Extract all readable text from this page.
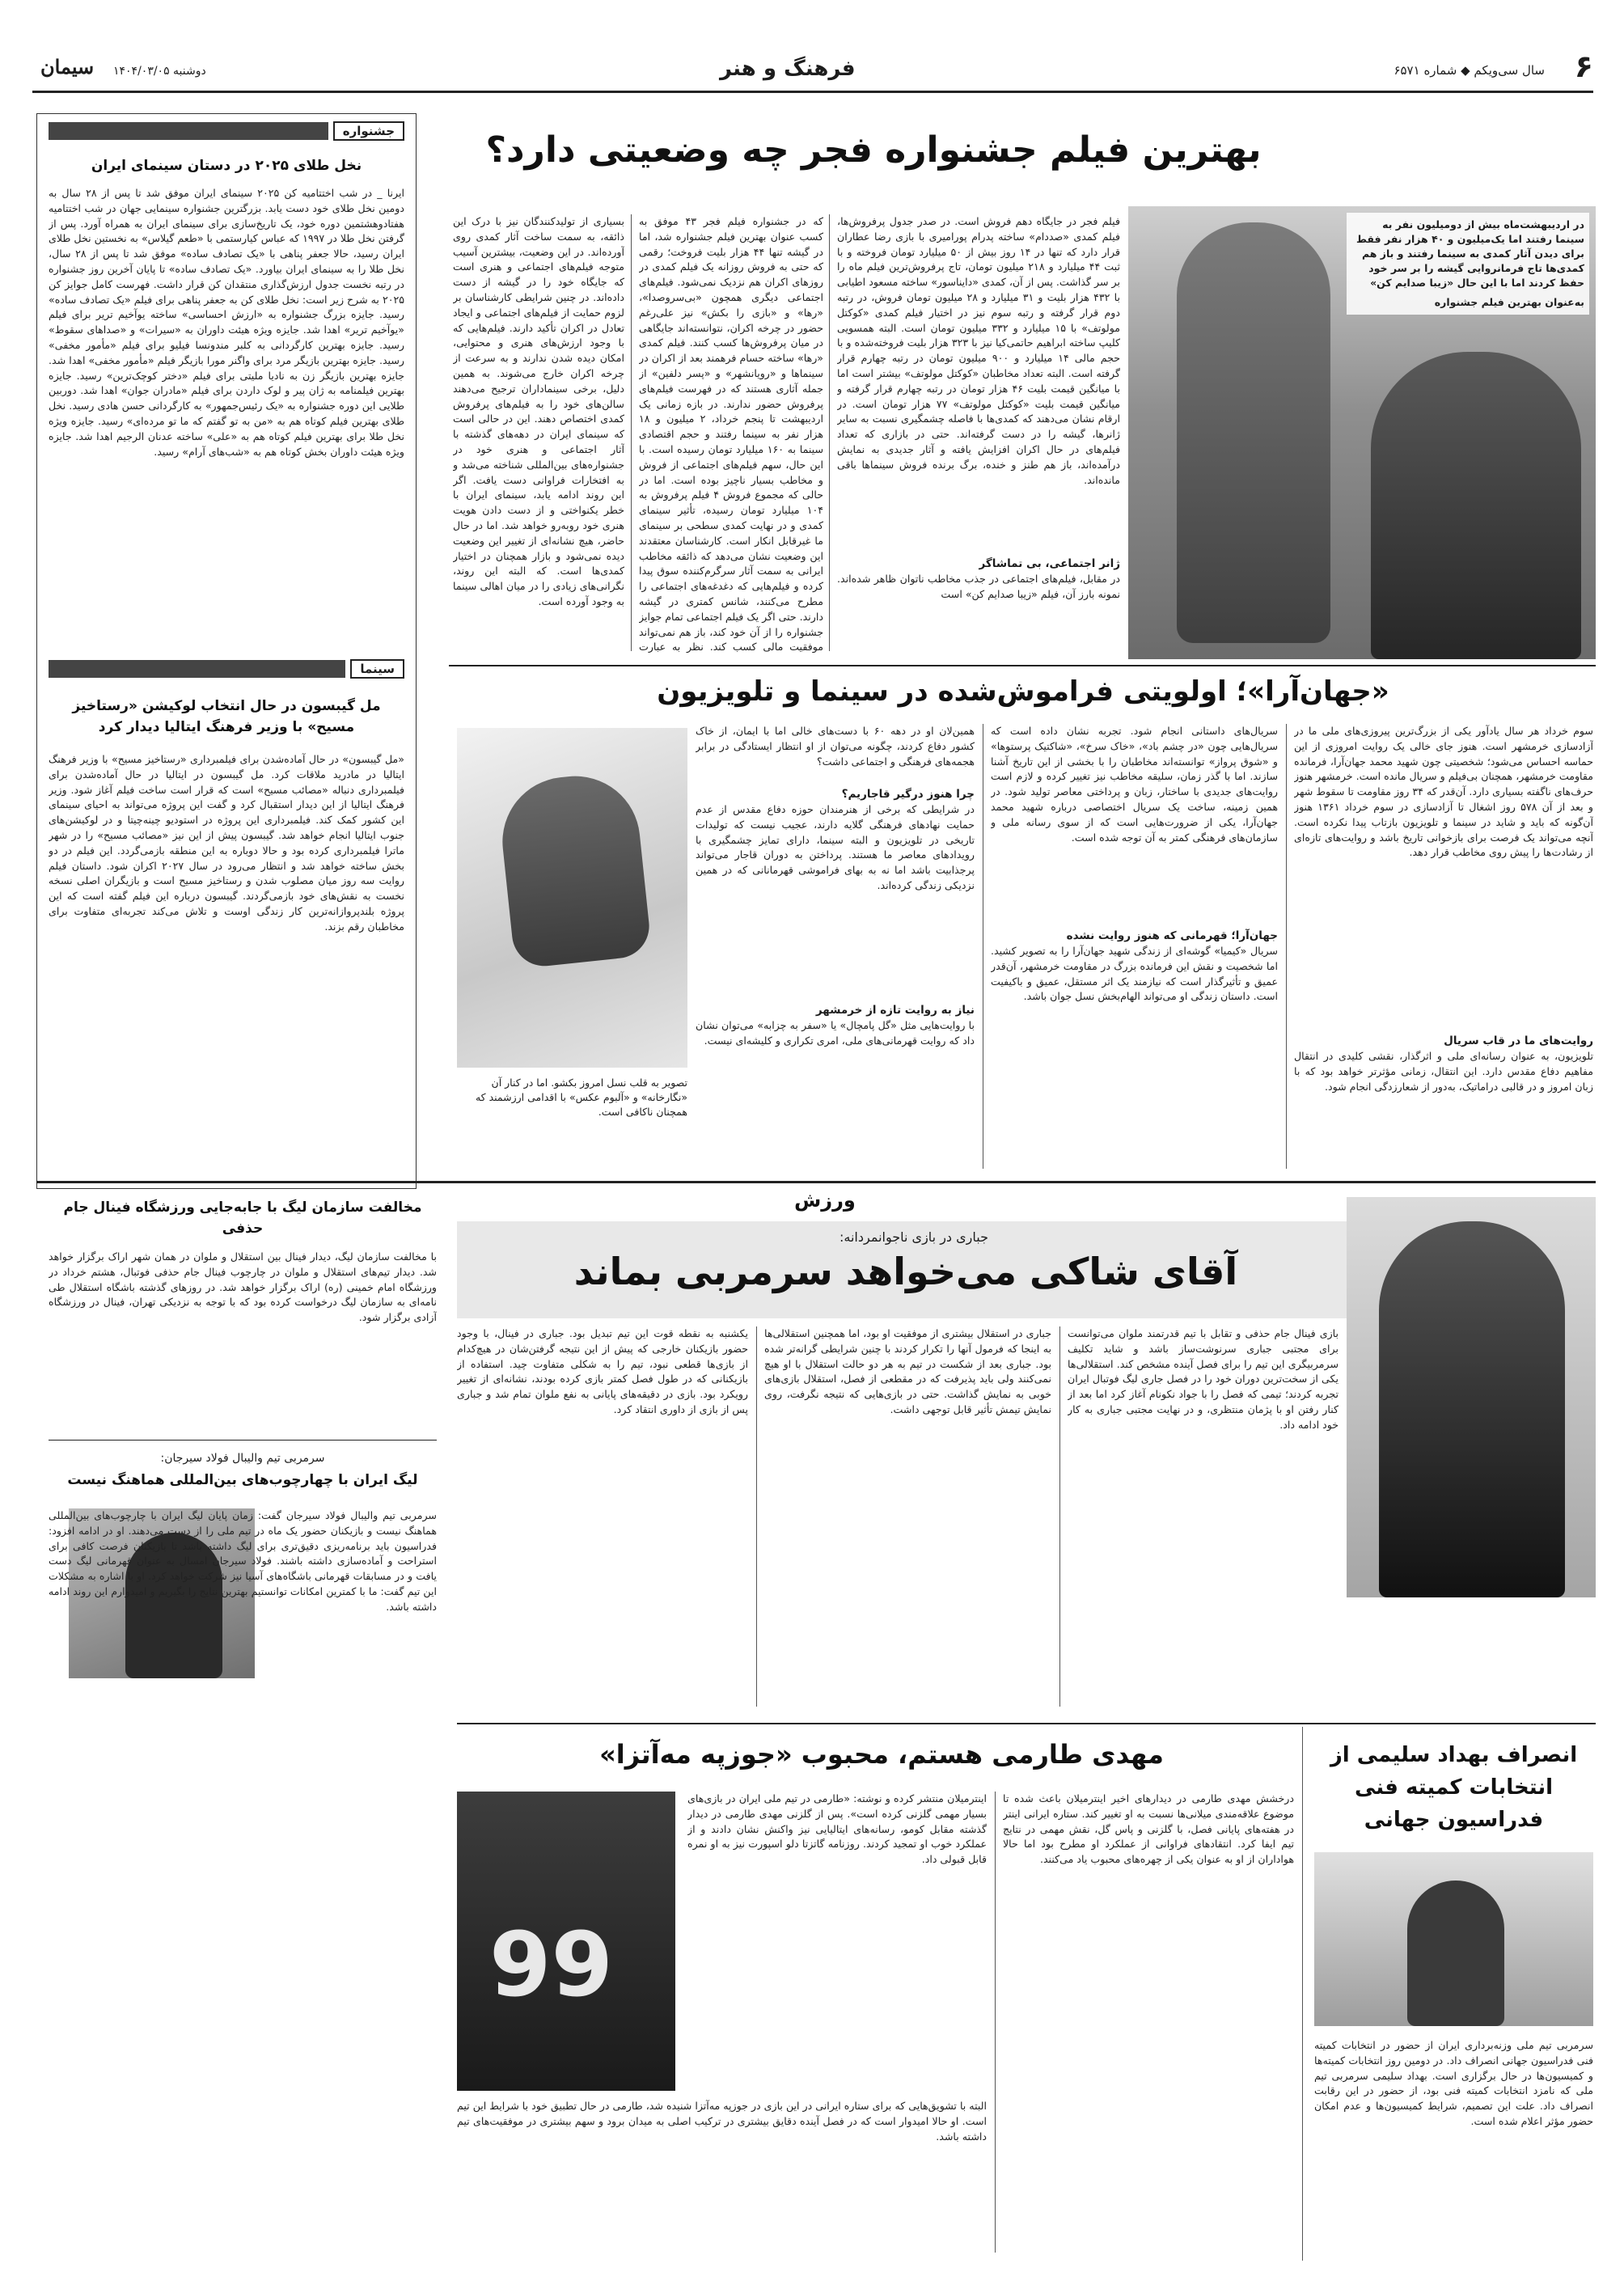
۶
سال سی‌ویکم ◆ شماره ۶۵۷۱
فرهنگ و هنر
دوشنبه ۱۴۰۴/۰۳/۰۵
سیمان
جشنواره
نخل طلای ۲۰۲۵ در دستان سینمای ایران
ایرنا _ در شب اختتامیه کن ۲۰۲۵ سینمای ایران موفق شد تا پس از ۲۸ سال به دومین نخل طلای خود دست یابد. بزرگترین جشنواره سینمایی جهان در شب اختتامیه هفتادوهشتمین دوره خود، یک تاریخ‌سازی برای سینمای ایران به همراه آورد. پس از گرفتن نخل طلا در ۱۹۹۷ که عباس کیارستمی با «طعم گیلاس» به نخستین نخل طلای ایران رسید، حالا جعفر پناهی با «یک تصادف ساده» موفق شد تا پس از ۲۸ سال، نخل طلا را به سینمای ایران بیاورد. «یک تصادف ساده» تا پایان آخرین روز جشنواره در رتبه نخست جدول ارزش‌گذاری منتقدان کن قرار داشت. فهرست کامل جوایز کن ۲۰۲۵ به شرح زیر است: نخل طلای کن به جعفر پناهی برای فیلم «یک تصادف ساده» رسید. جایزه بزرگ جشنواره به «ارزش احساسی» ساخته یوآخیم تریر برای فیلم «یوآخیم تریر» اهدا شد. جایزه ویژه هیئت داوران به «سیرات» و «صداهای سقوط» رسید. جایزه بهترین کارگردانی به کلبر مندونسا فیلیو برای فیلم «مأمور مخفی» رسید. جایزه بهترین بازیگر مرد برای واگنر مورا بازیگر فیلم «مأمور مخفی» اهدا شد. جایزه بهترین بازیگر زن به نادیا ملیتی برای فیلم «دختر کوچک‌ترین» رسید. جایزه بهترین فیلمنامه به ژان پیر و لوک داردن برای فیلم «مادران جوان» اهدا شد. دوربین طلایی این دوره جشنواره به «یک رئیس‌جمهور» به کارگردانی حسن هادی رسید. نخل طلای بهترین فیلم کوتاه هم به «من به تو گفتم که ما تو مرده‌ای» رسید. جایزه ویژه نخل طلا برای بهترین فیلم کوتاه هم به «علی» ساخته عدنان الرجیم اهدا شد. جایزه ویژه هیئت داوران بخش کوتاه هم به «شب‌های آرام» رسید.
سینما
مل گیبسون در حال انتخاب لوکیشن «رستاخیز مسیح» با وزیر فرهنگ ایتالیا دیدار کرد
«مل گیبسون» در حال آماده‌شدن برای فیلمبرداری «رستاخیز مسیح» با وزیر فرهنگ ایتالیا در مادرید ملاقات کرد. مل گیبسون در ایتالیا در حال آماده‌شدن برای فیلمبرداری دنباله «مصائب مسیح» است که قرار است ساخت فیلم آغاز شود. وزیر فرهنگ ایتالیا از این دیدار استقبال کرد و گفت این پروژه می‌تواند به احیای سینمای این کشور کمک کند. فیلمبرداری این پروژه در استودیو چینه‌چیتا و در لوکیشن‌های جنوب ایتالیا انجام خواهد شد. گیبسون پیش از این نیز «مصائب مسیح» را در شهر ماترا فیلمبرداری کرده بود و حالا دوباره به این منطقه بازمی‌گردد. این فیلم در دو بخش ساخته خواهد شد و انتظار می‌رود در سال ۲۰۲۷ اکران شود. داستان فیلم روایت سه روز میان مصلوب شدن و رستاخیز مسیح است و بازیگران اصلی نسخه نخست به نقش‌های خود بازمی‌گردند. گیبسون درباره این فیلم گفته است که این پروژه بلندپروازانه‌ترین کار زندگی اوست و تلاش می‌کند تجربه‌ای متفاوت برای مخاطبان رقم بزند.
بهترین فیلم جشنواره فجر چه وضعیتی دارد؟
در اردیبهشت‌ماه بیش از دومیلیون نفر به سینما رفتند اما یک‌میلیون و ۴۰ هزار نفر فقط برای دیدن آثار کمدی به سینما رفتند و باز هم کمدی‌ها تاج فرمانروایی گیشه را بر سر خود حفظ کردند اما با این حال «زیبا صدایم کن»
به‌عنوان بهترین فیلم جشنواره
فیلم فجر در جایگاه دهم فروش است. در صدر جدول پرفروش‌ها، فیلم کمدی «صددام» ساخته پدرام پورامیری با بازی رضا عطاران قرار دارد که تنها در ۱۴ روز بیش از ۵۰ میلیارد تومان فروخته و با ثبت ۴۴ میلیارد و ۲۱۸ میلیون تومان، تاج پرفروش‌ترین فیلم ماه را بر سر گذاشت. پس از آن، کمدی «دایناسور» ساخته مسعود اطیابی با ۴۳۲ هزار بلیت و ۳۱ میلیارد و ۲۸ میلیون تومان فروش، در رتبه دوم قرار گرفته و رتبه سوم نیز در اختیار فیلم کمدی «کوکتل مولوتف» با ۱۵ میلیارد و ۳۳۲ میلیون تومان است. البته همسویی کلیپ ساخته ابراهیم حاتمی‌کیا نیز با ۳۲۳ هزار بلیت فروخته‌شده و با حجم مالی ۱۴ میلیارد و ۹۰۰ میلیون تومان در رتبه چهارم قرار گرفته است. البته تعداد مخاطبان «کوکتل مولوتف» بیشتر است اما با میانگین قیمت بلیت ۴۶ هزار تومان در رتبه چهارم قرار گرفته و میانگین قیمت بلیت «کوکتل مولوتف» ۷۷ هزار تومان است. در ارقام نشان می‌دهند که کمدی‌ها با فاصله چشمگیری نسبت به سایر ژانرها، گیشه را در دست گرفته‌اند. حتی در بازاری که تعداد فیلم‌های در حال اکران افزایش یافته و آثار جدیدی به نمایش درآمده‌اند، باز هم طنز و خنده، برگ برنده فروش سینماها باقی مانده‌اند.
ژانر اجتماعی، بی تماشاگر
در مقابل، فیلم‌های اجتماعی در جذب مخاطب ناتوان ظاهر شده‌اند. نمونه بارز آن، فیلم «زیبا صدایم کن» است
که در جشنواره فیلم فجر ۴۳ موفق به کسب عنوان بهترین فیلم جشنواره شد، اما در گیشه تنها ۴۴ هزار بلیت فروخت؛ رقمی که حتی به فروش روزانه یک فیلم کمدی در روزهای اکران هم نزدیک نمی‌شود. فیلم‌های اجتماعی دیگری همچون «بی‌سروصدا»، «رها» و «بازی را بکش» نیز علی‌رغم حضور در چرخه اکران، نتوانسته‌اند جایگاهی در میان پرفروش‌ها کسب کنند. فیلم کمدی «رها» ساخته حسام فرهمند بعد از اکران در سینماها و «رویانشهر» و «پسر دلفین» از جمله آثاری هستند که در فهرست فیلم‌های پرفروش حضور ندارند. در بازه زمانی یک اردیبهشت تا پنجم خرداد، ۲ میلیون و ۱۸ هزار نفر به سینما رفتند و حجم اقتصادی سینما به ۱۶۰ میلیارد تومان رسیده است. با این حال، سهم فیلم‌های اجتماعی از فروش و مخاطب بسیار ناچیز بوده است. اما در حالی که مجموع فروش ۴ فیلم پرفروش به ۱۰۴ میلیارد تومان رسیده، تأثیر سینمای کمدی و در نهایت کمدی سطحی بر سینمای ما غیرقابل انکار است. کارشناسان معتقدند این وضعیت نشان می‌دهد که ذائقه مخاطب ایرانی به سمت آثار سرگرم‌کننده سوق پیدا کرده و فیلم‌هایی که دغدغه‌های اجتماعی را مطرح می‌کنند، شانس کمتری در گیشه دارند. حتی اگر یک فیلم اجتماعی تمام جوایز جشنواره را از آن خود کند، باز هم نمی‌تواند موفقیت مالی کسب کند. نظر به عبارت
بسیاری از تولیدکنندگان نیز با درک این ذائقه، به سمت ساخت آثار کمدی روی آورده‌اند. در این وضعیت، بیشترین آسیب متوجه فیلم‌های اجتماعی و هنری است که جایگاه خود را در گیشه از دست داده‌اند. در چنین شرایطی کارشناسان بر لزوم حمایت از فیلم‌های اجتماعی و ایجاد تعادل در اکران تأکید دارند. فیلم‌هایی که با وجود ارزش‌های هنری و محتوایی، امکان دیده شدن ندارند و به سرعت از چرخه اکران خارج می‌شوند. به همین دلیل، برخی سینماداران ترجیح می‌دهند سالن‌های خود را به فیلم‌های پرفروش کمدی اختصاص دهند. این در حالی است که سینمای ایران در دهه‌های گذشته با آثار اجتماعی و هنری خود در جشنواره‌های بین‌المللی شناخته می‌شد و به افتخارات فراوانی دست یافت. اگر این روند ادامه یابد، سینمای ایران با خطر یکنواختی و از دست دادن هویت هنری خود روبه‌رو خواهد شد. اما در حال حاضر، هیچ نشانه‌ای از تغییر این وضعیت دیده نمی‌شود و بازار همچنان در اختیار کمدی‌ها است. که البته این روند، نگرانی‌های زیادی را در میان اهالی سینما به وجود آورده است.
«جهان‌آرا»؛ اولویتی فراموش‌شده در سینما و تلویزیون
سوم خرداد هر سال یادآور یکی از بزرگ‌ترین پیروزی‌های ملی ما در آزادسازی خرمشهر است. هنوز جای خالی یک روایت امروزی از این حماسه احساس می‌شود؛ شخصیتی چون شهید محمد جهان‌آرا، فرمانده مقاومت خرمشهر، همچنان بی‌فیلم و سریال مانده است. خرمشهر هنوز حرف‌های ناگفته بسیاری دارد. آن‌قدر که ۳۴ روز مقاومت تا سقوط شهر و بعد از آن ۵۷۸ روز اشغال تا آزادسازی در سوم خرداد ۱۳۶۱ هنوز آن‌گونه که باید و شاید در سینما و تلویزیون بازتاب پیدا نکرده است. آنچه می‌تواند یک فرصت برای بازخوانی تاریخ باشد و روایت‌های تازه‌ای از رشادت‌ها را پیش روی مخاطب قرار دهد.
روایت‌های ما در قاب سریال
تلویزیون، به عنوان رسانه‌ای ملی و اثرگذار، نقشی کلیدی در انتقال مفاهیم دفاع مقدس دارد. این انتقال، زمانی مؤثرتر خواهد بود که با زبان امروز و در قالبی دراماتیک، به‌دور از شعارزدگی انجام شود.
سریال‌های داستانی انجام شود. تجربه نشان داده است که سریال‌هایی چون «در چشم باد»، «خاک سرخ»، «شاکتیک پرستوها» و «شوق پرواز» توانسته‌اند مخاطبان را با بخشی از این تاریخ آشنا سازند. اما با گذر زمان، سلیقه مخاطب نیز تغییر کرده و لازم است روایت‌های جدیدی با ساختار، زبان و پرداختی معاصر تولید شود. در همین زمینه، ساخت یک سریال اختصاصی درباره شهید محمد جهان‌آرا، یکی از ضرورت‌هایی است که از سوی رسانه ملی و سازمان‌های فرهنگی کمتر به آن توجه شده است.
جهان‌آرا؛ قهرمانی که هنوز روایت نشده
سریال «کیمیا» گوشه‌ای از زندگی شهید جهان‌آرا را به تصویر کشید. اما شخصیت و نقش این فرمانده بزرگ در مقاومت خرمشهر، آن‌قدر عمیق و تأثیرگذار است که نیازمند یک اثر مستقل، عمیق و باکیفیت است. داستان زندگی او می‌تواند الهام‌بخش نسل جوان باشد.
همین‌لان او در دهه ۶۰ با دست‌های خالی اما با ایمان، از خاک کشور دفاع کردند، چگونه می‌توان از او انتظار ایستادگی در برابر هجمه‌های فرهنگی و اجتماعی داشت؟
چرا هنوز درگیر قاجاریم؟
در شرایطی که برخی از هنرمندان حوزه دفاع مقدس از عدم حمایت نهادهای فرهنگی گلایه دارند، عجیب نیست که تولیدات تاریخی در تلویزیون و البته سینما، دارای تمایز چشمگیری با رویدادهای معاصر ما هستند. پرداختن به دوران قاجار می‌تواند پرجذابیت باشد اما نه به بهای فراموشی قهرمانانی که در همین نزدیکی زندگی کرده‌اند.
نیاز به روایت تازه از خرمشهر
با روایت‌هایی مثل «گل پامچال» یا «سفر به چزابه» می‌توان نشان داد که روایت قهرمانی‌های ملی، امری تکراری و کلیشه‌ای نیست.
تصویر به قلب نسل امروز بکشو. اما در کنار آن «نگارخانه» و «آلبوم عکس» با اقدامی ارزشمند که همچنان ناکافی است.
ورزش
جباری در بازی ناجوانمردانه:
آقای شاکی می‌خواهد سرمربی بماند
بازی فینال جام حذفی و تقابل با تیم قدرتمند ملوان می‌توانست برای مجتبی جباری سرنوشت‌ساز باشد و شاید تکلیف سرمربیگری این تیم را برای فصل آینده مشخص کند. استقلالی‌ها یکی از سخت‌ترین دوران خود را در فصل جاری لیگ فوتبال ایران تجربه کردند؛ تیمی که فصل را با جواد نکونام آغاز کرد اما بعد از کنار رفتن او با پژمان منتظری، و در نهایت مجتبی جباری به کار خود ادامه داد.
جباری در استقلال بیشتری از موفقیت او بود، اما همچنین استقلالی‌ها به اینجا که فرمول آنها را تکرار کردند با چنین شرایطی گرانه‌تر شده بود. جباری بعد از شکست در تیم به هر دو حالت استقلال با او هیچ نمی‌کنند ولی باید پذیرفت که در مقطعی از فصل، استقلال بازی‌های خوبی به نمایش گذاشت. حتی در بازی‌هایی که نتیجه نگرفت، روی نمایش تیمش تأثیر قابل توجهی داشت.
یکشنبه به نقطه قوت این تیم تبدیل بود. جباری در فینال، با وجود حضور بازیکنان خارجی که پیش از این نتیجه گرفتن‌شان در هیچ‌کدام از بازی‌ها قطعی نبود، تیم را به شکلی متفاوت چید. استفاده از بازیکنانی که در طول فصل کمتر بازی کرده بودند، نشانه‌ای از تغییر رویکرد بود. بازی در دقیقه‌های پایانی به نفع ملوان تمام شد و جباری پس از بازی از داوری انتقاد کرد.
مخالفت سازمان لیگ با جابه‌جایی ورزشگاه فینال جام حذفی
با مخالفت سازمان لیگ، دیدار فینال بین استقلال و ملوان در همان شهر اراک برگزار خواهد شد. دیدار تیم‌های استقلال و ملوان در چارچوب فینال جام حذفی فوتبال، هشتم خرداد در ورزشگاه امام خمینی (ره) اراک برگزار خواهد شد. در روزهای گذشته باشگاه استقلال طی نامه‌ای به سازمان لیگ درخواست کرده بود که با توجه به نزدیکی تهران، فینال در ورزشگاه آزادی برگزار شود.
سرمربی تیم والیبال فولاد سیرجان:
لیگ ایران با چهارچوب‌های بین‌المللی هماهنگ نیست
سرمربی تیم والیبال فولاد سیرجان گفت: زمان پایان لیگ ایران با چارچوب‌های بین‌المللی هماهنگ نیست و بازیکنان حضور یک ماه در تیم ملی را از دست می‌دهند. او در ادامه افزود: فدراسیون باید برنامه‌ریزی دقیق‌تری برای لیگ داشته باشد تا بازیکنان فرصت کافی برای استراحت و آماده‌سازی داشته باشند. فولاد سیرجان امسال به عنوان قهرمانی لیگ دست یافت و در مسابقات قهرمانی باشگاه‌های آسیا نیز شرکت خواهد کرد. او با اشاره به مشکلات این تیم گفت: ما با کمترین امکانات توانستیم بهترین نتایج را بگیریم و امیدوارم این روند ادامه داشته باشد.
مهدی طارمی هستم، محبوب «جوزپه مه‌آتزا»
99
درخشش مهدی طارمی در دیدارهای اخیر اینترمیلان باعث شده تا موضوع علاقه‌مندی میلانی‌ها نسبت به او تغییر کند. ستاره ایرانی اینتر در هفته‌های پایانی فصل، با گلزنی و پاس گل، نقش مهمی در نتایج تیم ایفا کرد. انتقادهای فراوانی از عملکرد او مطرح بود اما حالا هواداران از او به عنوان یکی از چهره‌های محبوب یاد می‌کنند.
اینترمیلان منتشر کرده و نوشته: «طارمی در تیم ملی ایران در بازی‌های بسیار مهمی گلزنی کرده است». پس از گلزنی مهدی طارمی در دیدار گذشته مقابل کومو، رسانه‌های ایتالیایی نیز واکنش نشان دادند و از عملکرد خوب او تمجید کردند. روزنامه گاتزتا دلو اسپورت نیز به او نمره قابل قبولی داد.
البته با تشویق‌هایی که برای ستاره ایرانی در این بازی در جوزپه مه‌آتزا شنیده شد، طارمی در حال تطبیق خود با شرایط این تیم است. او حالا امیدوار است که در فصل آینده دقایق بیشتری در ترکیب اصلی به میدان برود و سهم بیشتری در موفقیت‌های تیم داشته باشد.
انصراف بهداد سلیمی از انتخابات کمیته فنی فدراسیون جهانی
سرمربی تیم ملی وزنه‌برداری ایران از حضور در انتخابات کمیته فنی فدراسیون جهانی انصراف داد. در دومین روز انتخابات کمیته‌ها و کمیسیون‌ها در حال برگزاری است. بهداد سلیمی سرمربی تیم ملی که نامزد انتخابات کمیته فنی بود، از حضور در این رقابت انصراف داد. علت این تصمیم، شرایط کمیسیون‌ها و عدم امکان حضور مؤثر اعلام شده است.
